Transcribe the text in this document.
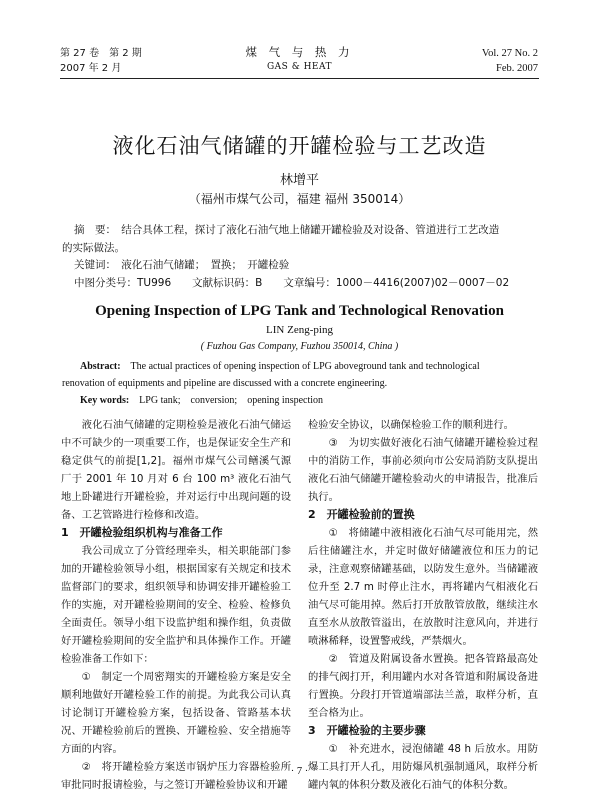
第 27 卷　第 2 期
2007 年 2 月
煤 气 与 热 力
GAS & HEAT
Vol. 27 No. 2
Feb. 2007
液化石油气储罐的开罐检验与工艺改造
林增平
（福州市煤气公司，福建 福州 350014）

摘　要：　结合具体工程，探讨了液化石油气地上储罐开罐检验及对设备、管道进行工艺改造

的实际做法。

关键词：　液化石油气储罐；　置换；　开罐检验

中图分类号：TU996　　文献标识码：B　　文章编号：1000－4416(2007)02－0007－02

Opening Inspection of LPG Tank and Technological Renovation
LIN Zeng-ping
( Fuzhou Gas Company, Fuzhou 350014, China )

Abstract:　 The actual practices of opening inspection of LPG aboveground tank and technological

renovation of equipments and pipeline are discussed with a concrete engineering.

Key words:　 LPG tank;　conversion;　opening inspection

液化石油气储罐的定期检验是液化石油气储运中不可缺少的一项重要工作，也是保证安全生产和稳定供气的前提[1,2]。福州市煤气公司鳝溪气源厂于 2001 年 10 月对 6 台 100 m³ 液化石油气地上卧罐进行开罐检验，并对运行中出现问题的设备、工艺管路进行检修和改造。

1　开罐检验组织机构与准备工作

我公司成立了分管经理牵头，相关职能部门参加的开罐检验领导小组，根据国家有关规定和技术监督部门的要求，组织领导和协调安排开罐检验工作的实施，对开罐检验期间的安全、检验、检修负全面责任。领导小组下设监护组和操作组，负责做好开罐检验期间的安全监护和具体操作工作。开罐检验准备工作如下：

①　制定一个周密翔实的开罐检验方案是安全顺利地做好开罐检验工作的前提。为此我公司认真讨论制订开罐检验方案，包括设备、管路基本状况、开罐检验前后的置换、开罐检验、安全措施等方面的内容。

②　将开罐检验方案送市锅炉压力容器检验所审批同时报请检验，与之签订开罐检验协议和开罐

检验安全协议，以确保检验工作的顺利进行。

③　为切实做好液化石油气储罐开罐检验过程中的消防工作，事前必须向市公安局消防支队提出液化石油气储罐开罐检验动火的申请报告，批准后执行。

2　开罐检验前的置换

①　将储罐中液相液化石油气尽可能用完，然后往储罐注水，并定时做好储罐液位和压力的记录，注意观察储罐基础，以防发生意外。当储罐液位升至 2.7 m 时停止注水，再将罐内气相液化石油气尽可能用掉。然后打开放散管放散，继续注水直至水从放散管溢出，在放散时注意风向，并进行喷淋稀释，设置警戒线，严禁烟火。

②　管道及附属设备水置换。把各管路最高处的排气阀打开，利用罐内水对各管道和附属设备进行置换。分段打开管道端部法兰盖，取样分析，直至合格为止。

3　开罐检验的主要步骤

①　补充进水，浸泡储罐 48 h 后放水。用防爆工具打开人孔，用防爆风机强制通风，取样分析罐内氧的体积分数及液化石油气的体积分数。

· 7 ·
